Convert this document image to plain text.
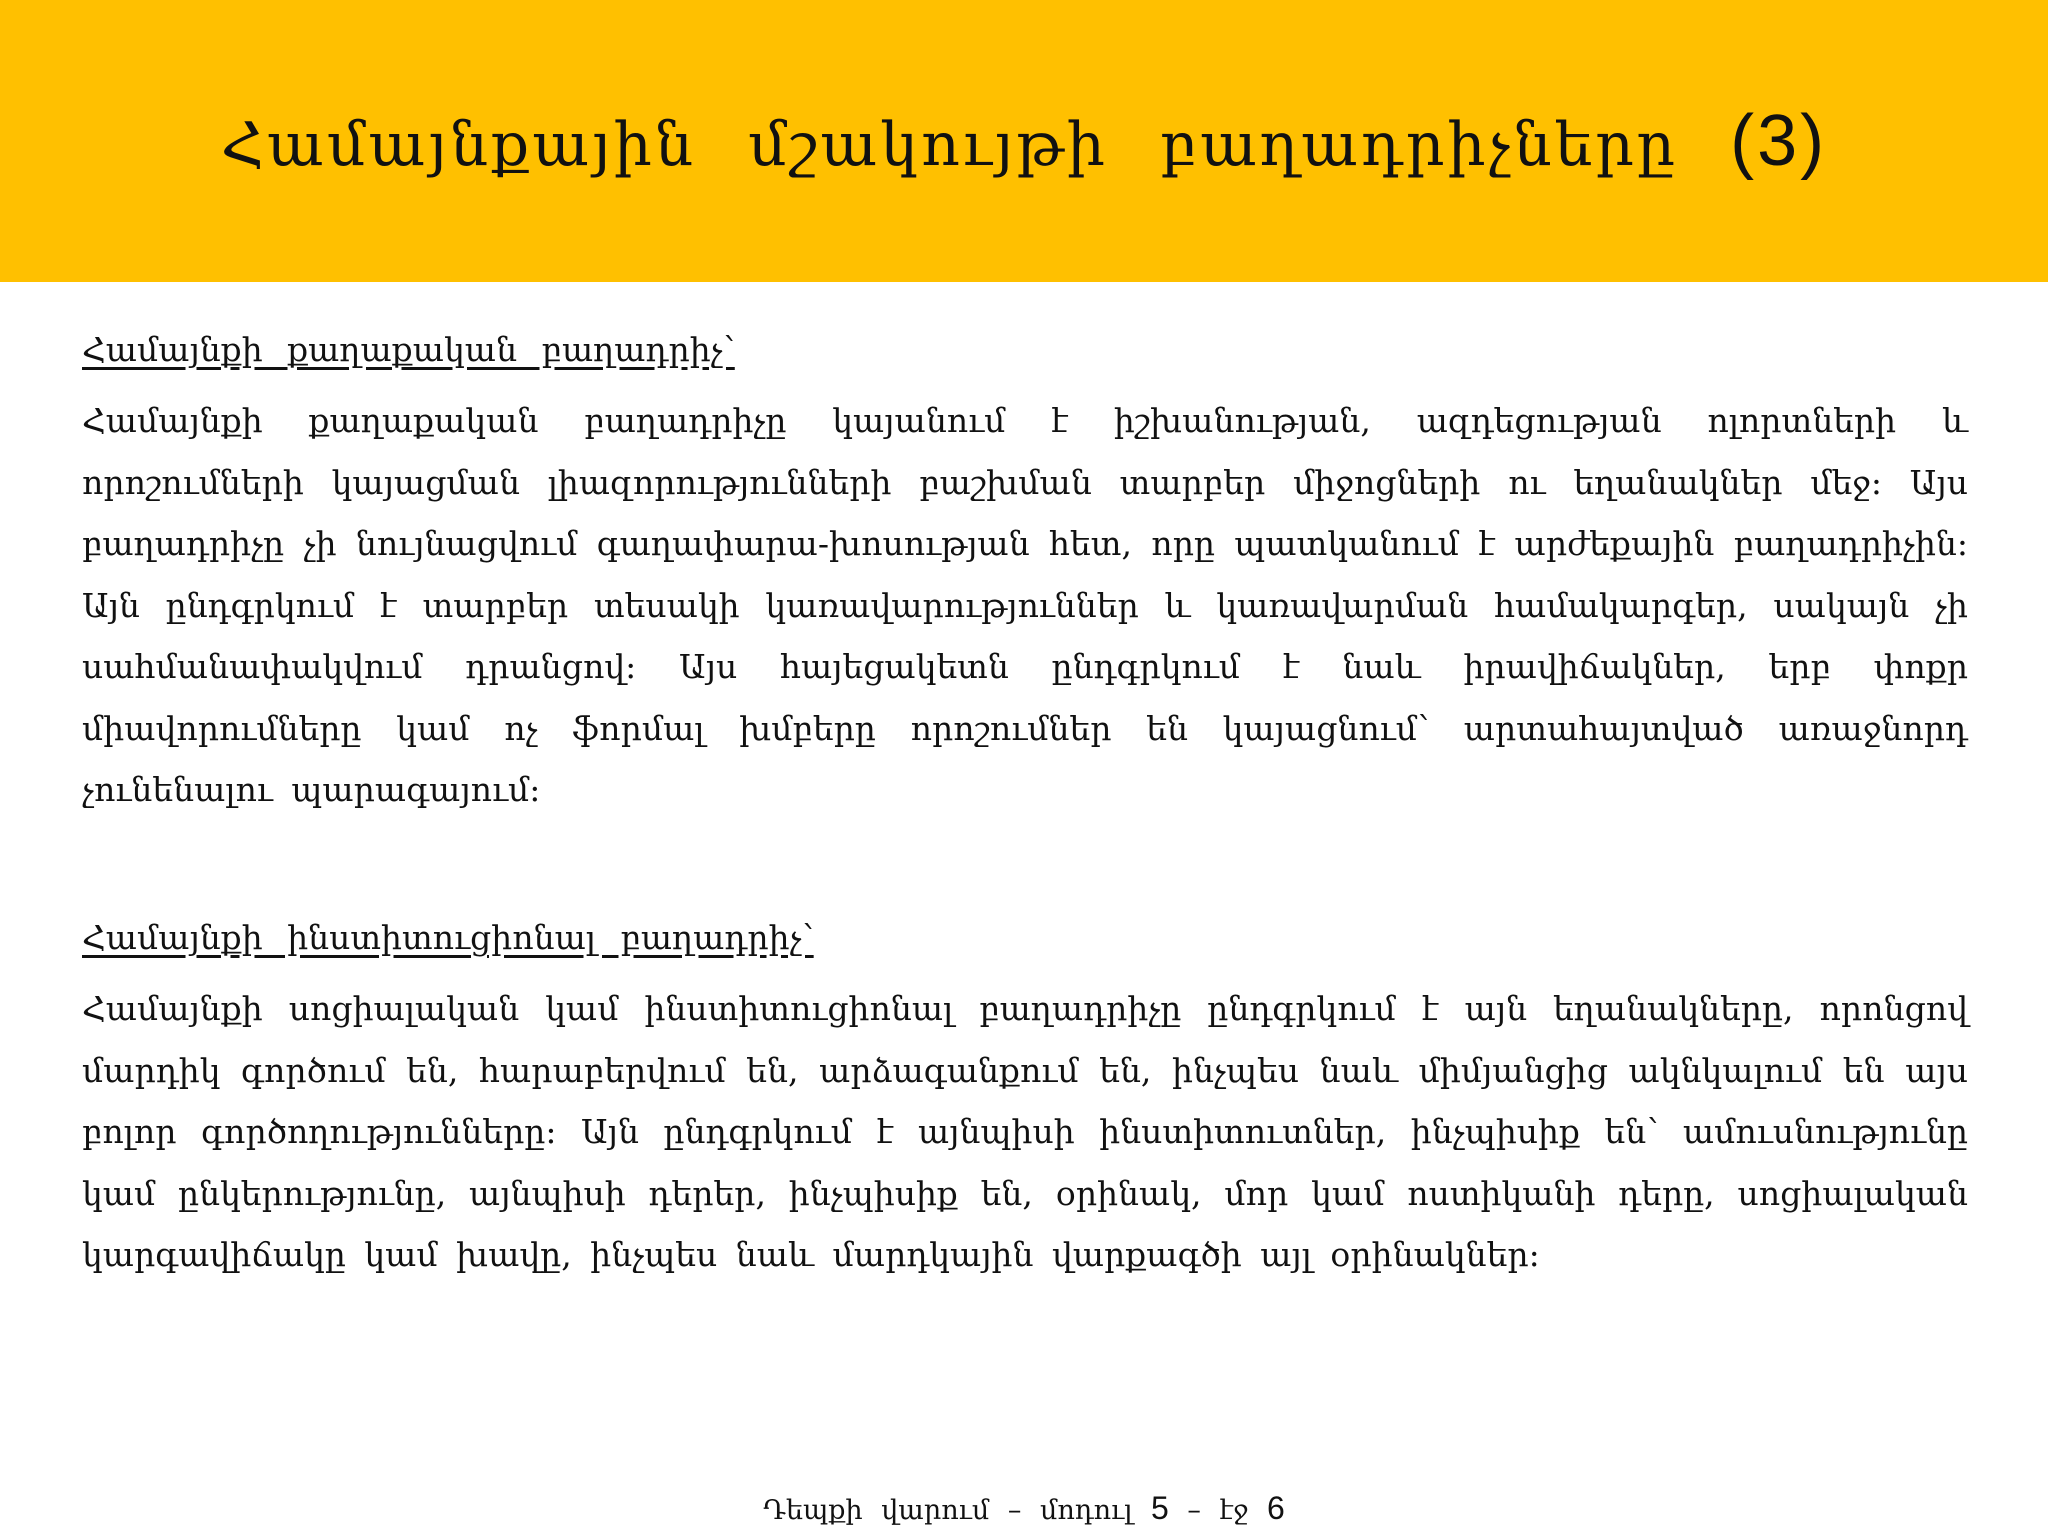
Համայնքային մշակույթի բաղադրիչները (3)
Համայնքի քաղաքական բաղադրիչ՝

Համայնքի քաղաքական բաղադրիչը կայանում է իշխանության, ազդեցության ոլորտների և որոշումների կայացման լիազորությունների բաշխման տարբեր միջոցների ու եղանակներ մեջ: Այս բաղադրիչը չի նույնացվում գաղափարա-խոսության հետ, որը պատկանում է արժեքային բաղադրիչին: Այն ընդգրկում է տարբեր տեսակի կառավարություններ և կառավարման համակարգեր, սակայն չի սահմանափակվում դրանցով: Այս հայեցակետն ընդգրկում է նաև իրավիճակներ, երբ փոքր միավորումները կամ ոչ ֆորմալ խմբերը որոշումներ են կայացնում՝ արտահայտված առաջնորդ չունենալու պարագայում:

Համայնքի ինստիտուցիոնալ բաղադրիչ՝

Համայնքի սոցիալական կամ ինստիտուցիոնալ բաղադրիչը ընդգրկում է այն եղանակները, որոնցով մարդիկ գործում են, հարաբերվում են, արձագանքում են, ինչպես նաև միմյանցից ակնկալում են այս բոլոր գործողությունները: Այն ընդգրկում է այնպիսի ինստիտուտներ, ինչպիսիք են՝ ամուսնությունը կամ ընկերությունը, այնպիսի դերեր, ինչպիսիք են, օրինակ, մոր կամ ոստիկանի դերը, սոցիալական կարգավիճակը կամ խավը, ինչպես նաև մարդկային վարքագծի այլ օրինակներ:

Դեպքի վարում – մոդուլ 5 – էջ 6
